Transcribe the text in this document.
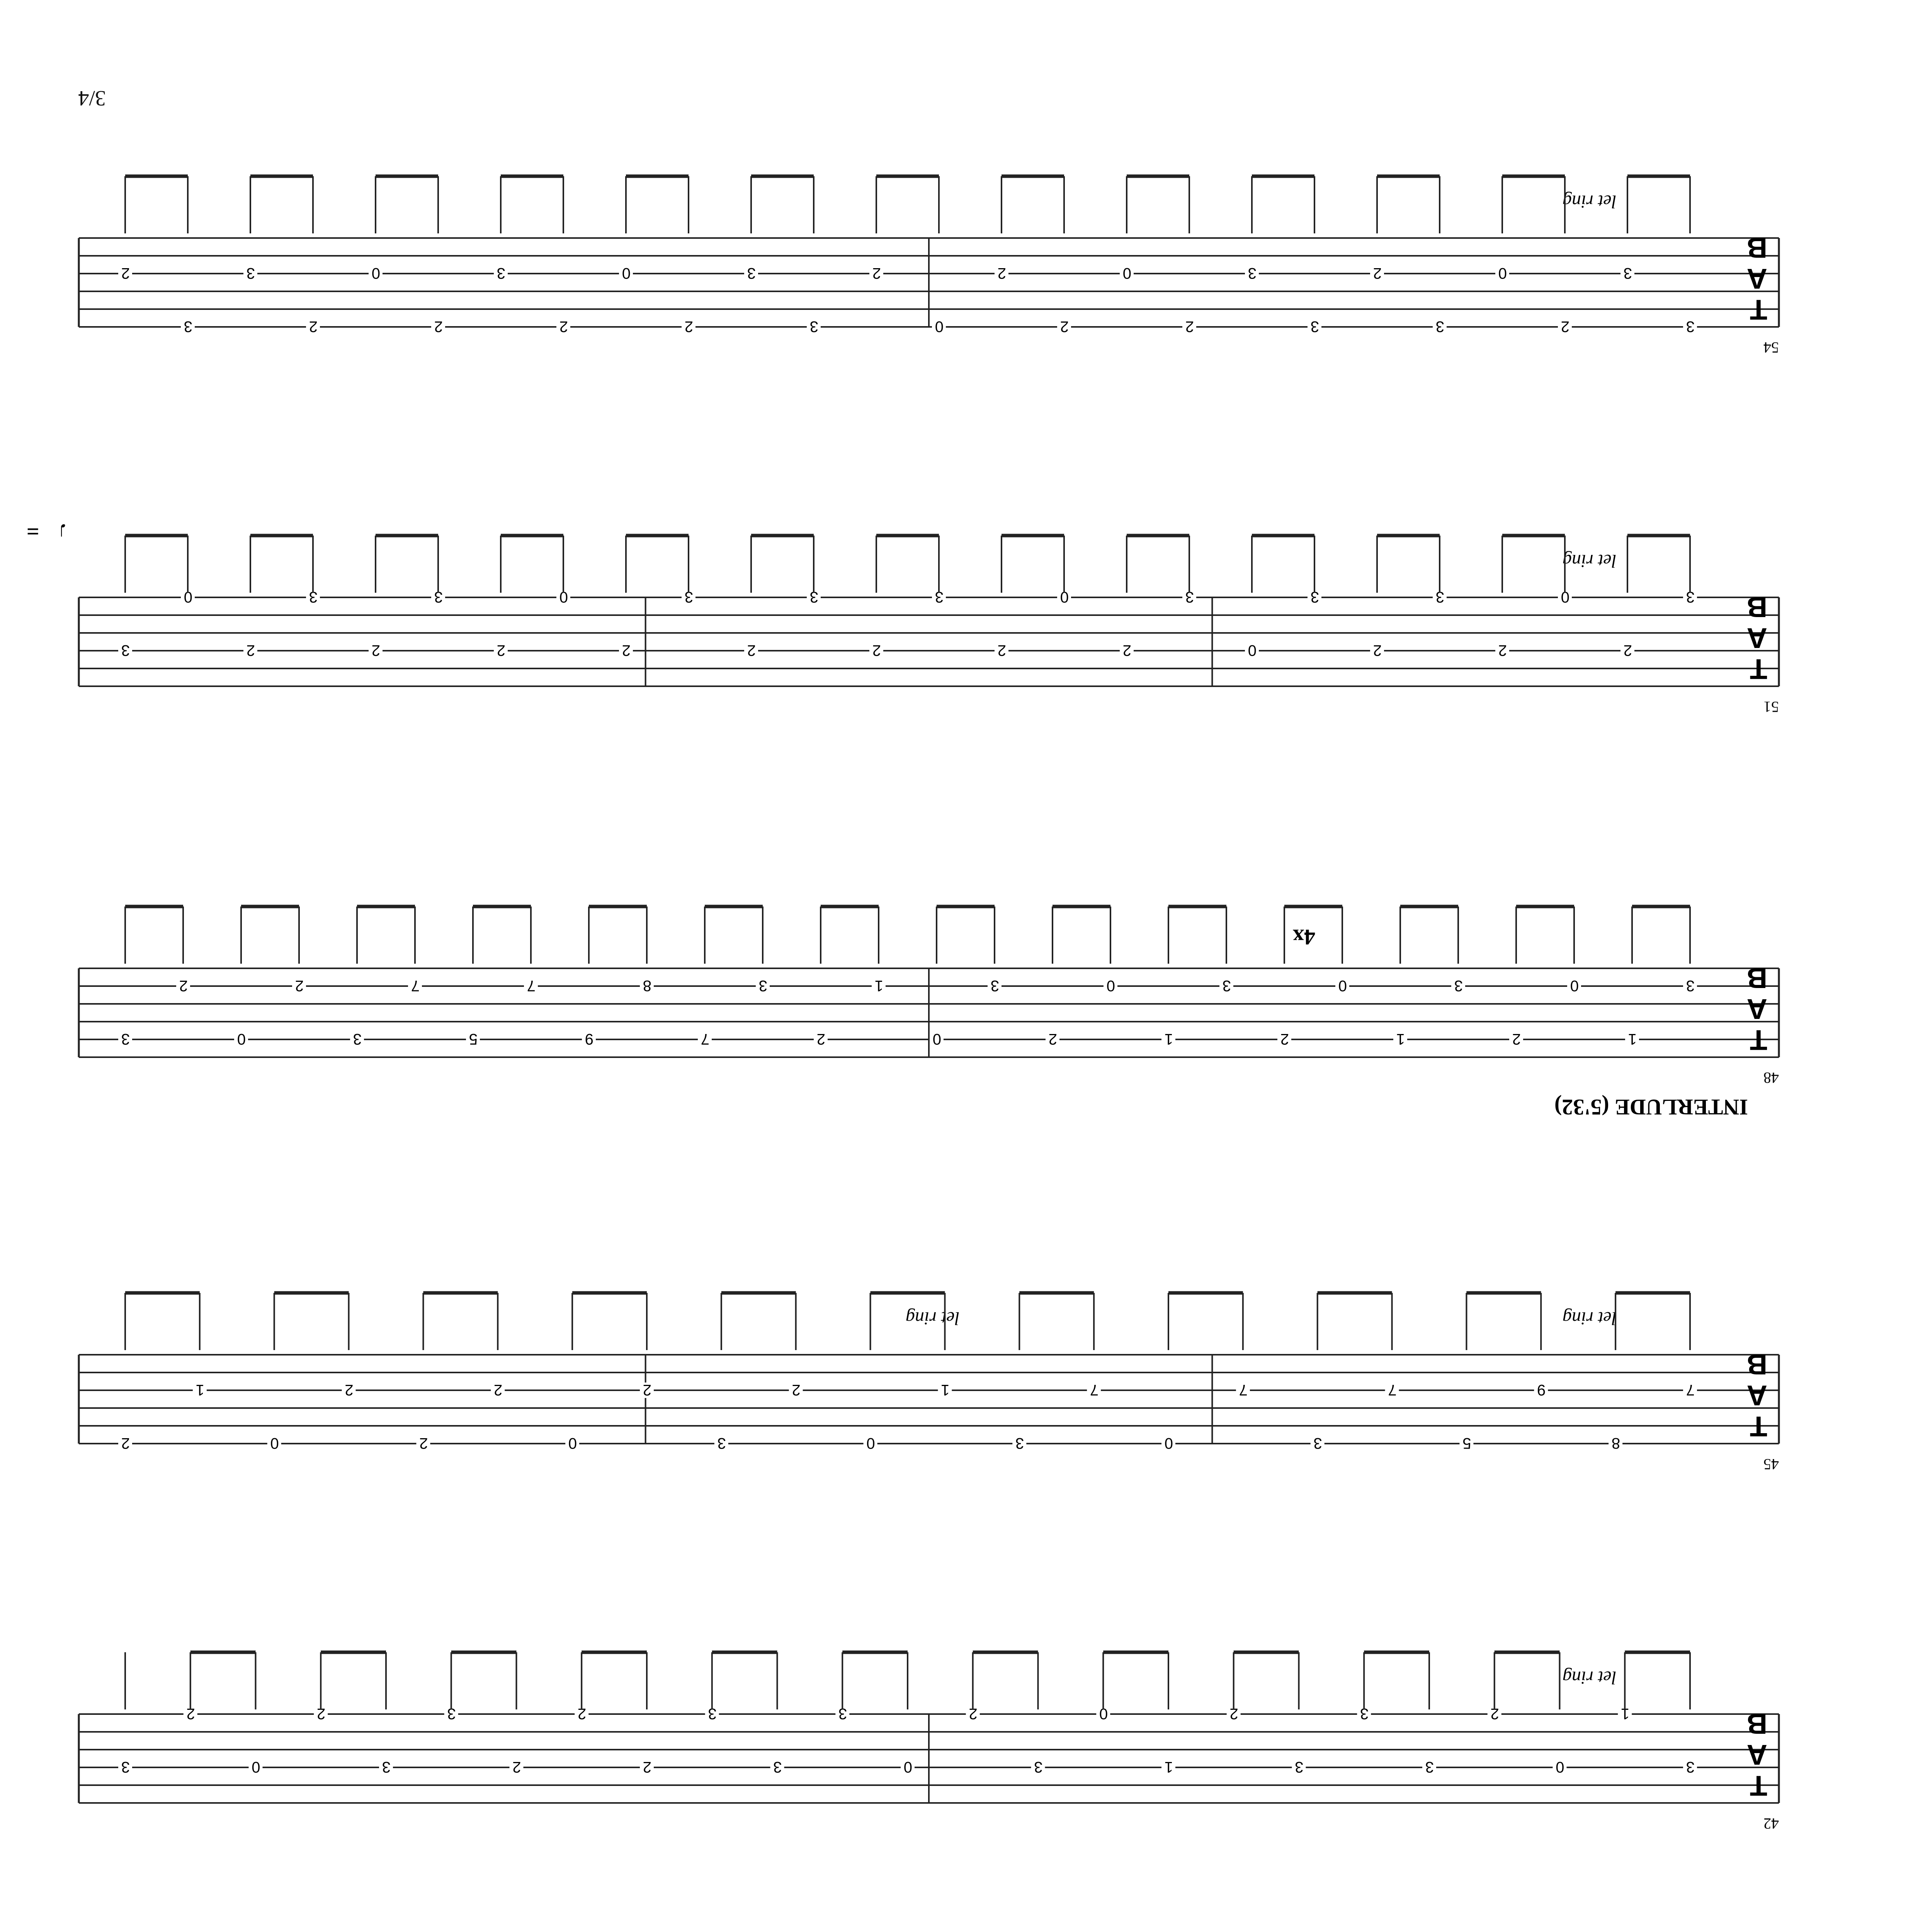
3/4
T
A
B
42
let ring
3
1
0
2
3
3
3
2
1
0
3
2
0
3
3
3
2
2
2
3
3
2
0
2
3
T
A
B
45
let ring
let ring
7
8
9
5
7
3
7
0
7
3
1
0
2
3
2
0
2
2
2
0
1
2
T
A
B
48
INTERLUDE (5'32)
4x
3
1
0
2
3
1
0
2
3
1
0
2
3
0
1
2
3
7
8
9
7
5
7
3
2
0
2
3
T
A
B
51
let ring
3
2
0
2
3
2
3
0
3
2
0
2
3
2
3
2
3
2
0
2
3
2
3
2
0
3
T
A
B
54
let ring
3
3
2
0
3
2
3
3
2
0
2
2
0
2
3
3
2
0
2
3
2
0
2
3
3
2
♩ =
